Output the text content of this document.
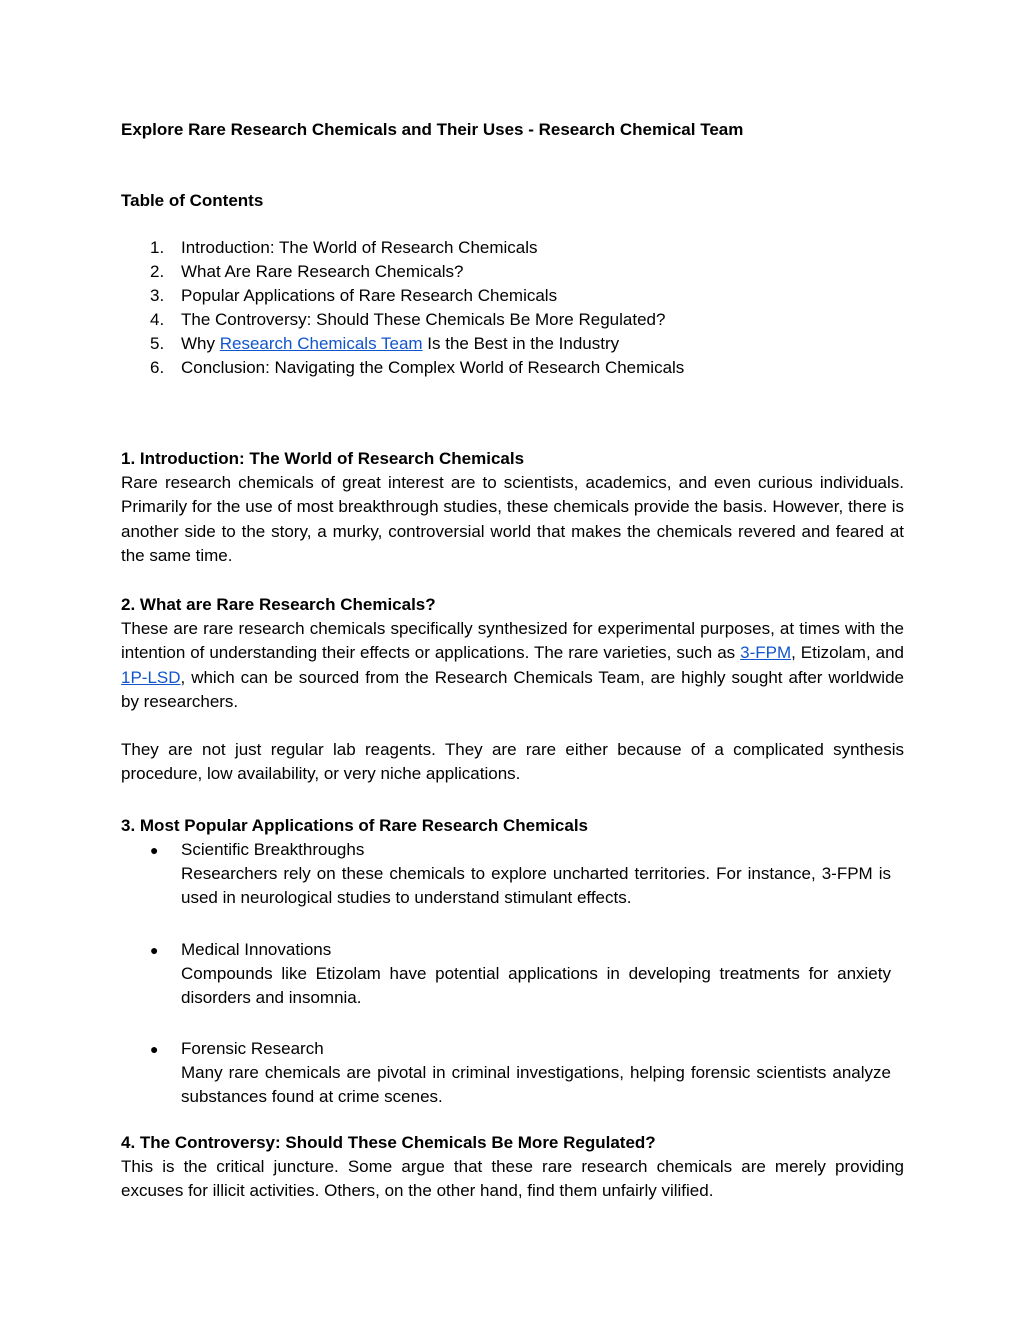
Explore Rare Research Chemicals and Their Uses - Research Chemical Team

Table of Contents

1. Introduction: The World of Research Chemicals
2. What Are Rare Research Chemicals?
3. Popular Applications of Rare Research Chemicals
4. The Controversy: Should These Chemicals Be More Regulated?
5. Why Research Chemicals Team Is the Best in the Industry
6. Conclusion: Navigating the Complex World of Research Chemicals
1. Introduction: The World of Research Chemicals
Rare research chemicals of great interest are to scientists, academics, and even curious individuals. Primarily for the use of most breakthrough studies, these chemicals provide the basis. However, there is another side to the story, a murky, controversial world that makes the chemicals revered and feared at the same time.
2. What are Rare Research Chemicals?
These are rare research chemicals specifically synthesized for experimental purposes, at times with the intention of understanding their effects or applications. The rare varieties, such as 3-FPM, Etizolam, and 1P-LSD, which can be sourced from the Research Chemicals Team, are highly sought after worldwide by researchers.
They are not just regular lab reagents. They are rare either because of a complicated synthesis procedure, low availability, or very niche applications.
3. Most Popular Applications of Rare Research Chemicals
●	Scientific Breakthroughs
Researchers rely on these chemicals to explore uncharted territories. For instance, 3-FPM is used in neurological studies to understand stimulant effects.
●	Medical Innovations
Compounds like Etizolam have potential applications in developing treatments for anxiety disorders and insomnia.
●	Forensic Research
Many rare chemicals are pivotal in criminal investigations, helping forensic scientists analyze substances found at crime scenes.
4. The Controversy: Should These Chemicals Be More Regulated?
This is the critical juncture. Some argue that these rare research chemicals are merely providing excuses for illicit activities. Others, on the other hand, find them unfairly vilified.
